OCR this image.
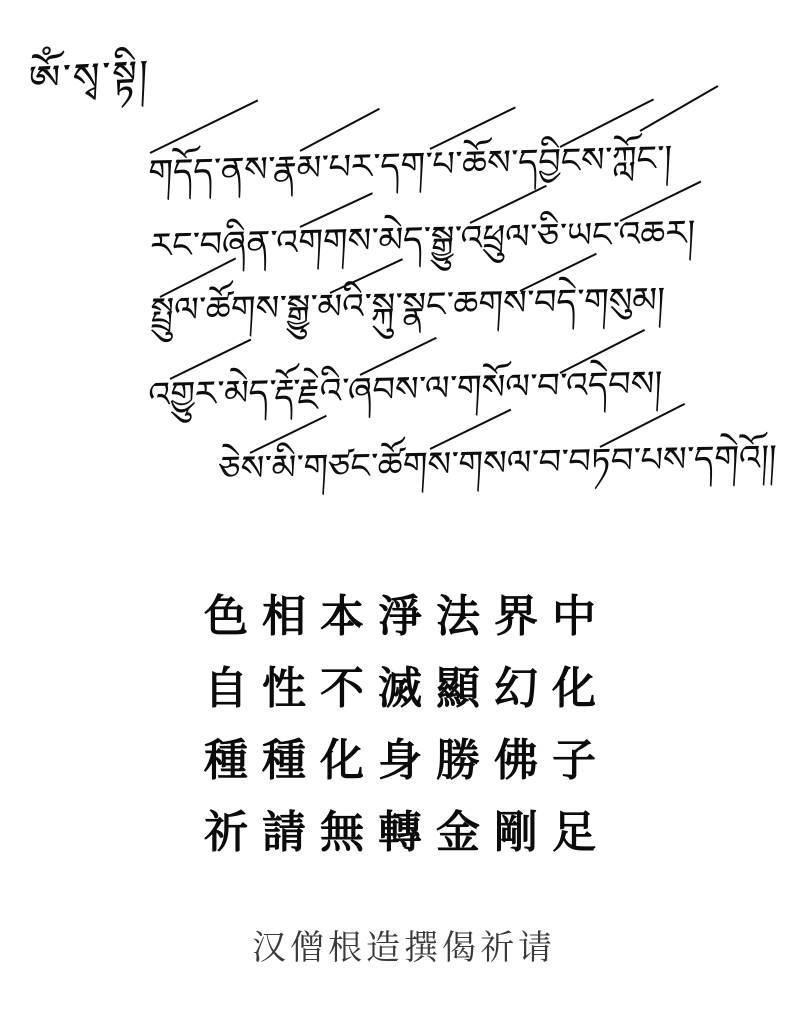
ༀ་སྭ་སྟི།
གདོད་ནས་རྣམ་པར་དག་པ་ཆོས་དབྱིངས་ཀློང་།
རང་བཞིན་འགགས་མེད་སྒྱུ་འཕྲུལ་ཅི་ཡང་འཆར།
སྤྲུལ་ཚོགས་སྒྱུ་མའི་སྐུ་སྣང་ཆགས་བདེ་གསུམ།
འགྱུར་མེད་རྡོ་རྗེའི་ཞབས་ལ་གསོལ་བ་འདེབས།
ཅེས་མི་གཙང་ཚོགས་གསལ་བ་བཏབ་པས་དགེའོ།།

色相本淨法界中

自性不滅顯幻化

種種化身勝佛子

祈請無轉金剛足

汉僧根造撰偈祈请
